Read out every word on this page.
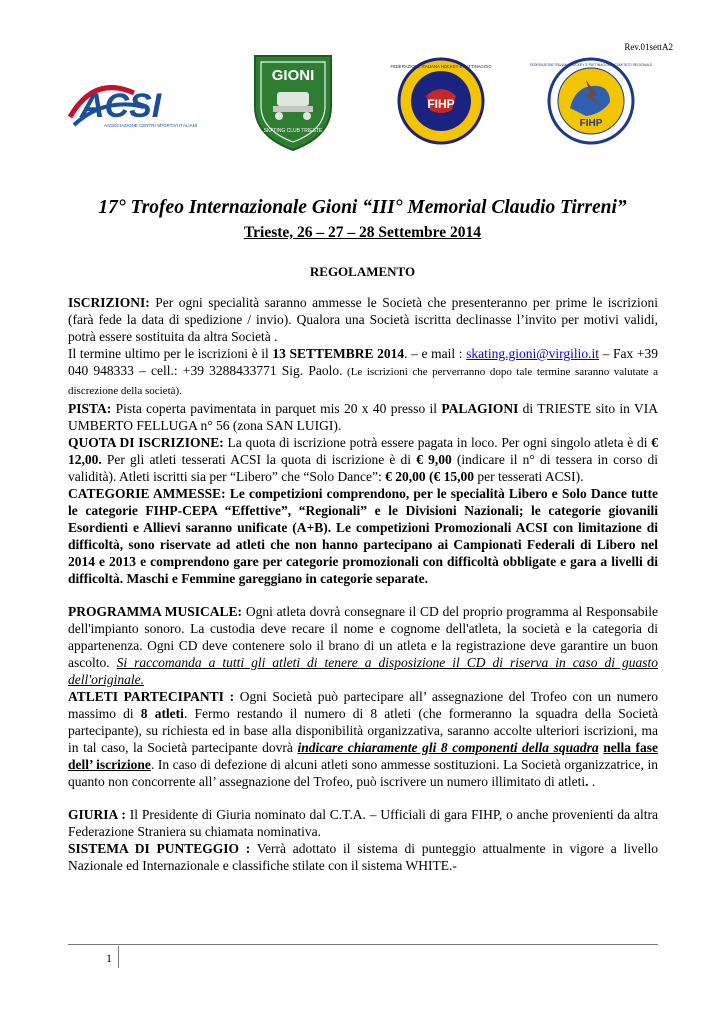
Rev.01settA2
ACSI
ASSOCIAZIONE CENTRI SPORTIVI ITALIANI
GIONI
SKATING CLUB TRIESTE
FIHP
FEDERAZIONE ITALIANA HOCKEY E PATTINAGGIO
FIHP
FEDERAZIONE ITALIANA HOCKEY E PATTINAGGIO · COMITATO REGIONALE
17° Trofeo Internazionale Gioni “III° Memorial Claudio Tirreni”
Trieste, 26 – 27 – 28 Settembre 2014
REGOLAMENTO

ISCRIZIONI: Per ogni specialità saranno ammesse le Società che presenteranno per prime le iscrizioni (farà fede la data di spedizione / invio). Qualora una Società iscritta declinasse l’invito per motivi validi, potrà essere sostituita da altra Società .

Il termine ultimo per le iscrizioni è il 13 SETTEMBRE 2014. – e mail : skating.gioni@virgilio.it – Fax +39 040 948333 – cell.: +39 3288433771 Sig. Paolo. (Le iscrizioni che perverranno dopo tale termine saranno valutate a discrezione della società).

PISTA: Pista coperta pavimentata in parquet mis 20 x 40 presso il PALAGIONI di TRIESTE sito in VIA UMBERTO FELLUGA n° 56 (zona SAN LUIGI).

QUOTA DI ISCRIZIONE: La quota di iscrizione potrà essere pagata in loco. Per ogni singolo atleta è di € 12,00. Per gli atleti tesserati ACSI la quota di iscrizione è di € 9,00 (indicare il n° di tessera in corso di validità). Atleti iscritti sia per “Libero” che “Solo Dance”: € 20,00 (€ 15,00 per tesserati ACSI).

CATEGORIE AMMESSE: Le competizioni comprendono, per le specialità Libero e Solo Dance tutte le categorie FIHP-CEPA “Effettive”, “Regionali” e le Divisioni Nazionali; le categorie giovanili Esordienti e Allievi saranno unificate (A+B). Le competizioni Promozionali ACSI con limitazione di difficoltà, sono riservate ad atleti che non hanno partecipano ai Campionati Federali di Libero nel 2014 e 2013 e comprendono gare per categorie promozionali con difficoltà obbligate e gara a livelli di difficoltà. Maschi e Femmine gareggiano in categorie separate.

PROGRAMMA MUSICALE: Ogni atleta dovrà consegnare il CD del proprio programma al Responsabile dell'impianto sonoro. La custodia deve recare il nome e cognome dell'atleta, la società e la categoria di appartenenza. Ogni CD deve contenere solo il brano di un atleta e la registrazione deve garantire un buon ascolto. Si raccomanda a tutti gli atleti di tenere a disposizione il CD di riserva in caso di guasto dell'originale.

ATLETI PARTECIPANTI : Ogni Società può partecipare all’ assegnazione del Trofeo con un numero massimo di 8 atleti. Fermo restando il numero di 8 atleti (che formeranno la squadra della Società partecipante), su richiesta ed in base alla disponibilità organizzativa, saranno accolte ulteriori iscrizioni, ma in tal caso, la Società partecipante dovrà indicare chiaramente gli 8 componenti della squadra nella fase dell’ iscrizione. In caso di defezione di alcuni atleti sono ammesse sostituzioni. La Società organizzatrice, in quanto non concorrente all’ assegnazione del Trofeo, può iscrivere un numero illimitato di atleti. .

GIURIA : Il Presidente di Giuria nominato dal C.T.A. – Ufficiali di gara FIHP, o anche provenienti da altra Federazione Straniera su chiamata nominativa.

SISTEMA DI PUNTEGGIO : Verrà adottato il sistema di punteggio attualmente in vigore a livello Nazionale ed Internazionale e classifiche stilate con il sistema WHITE.-

1
